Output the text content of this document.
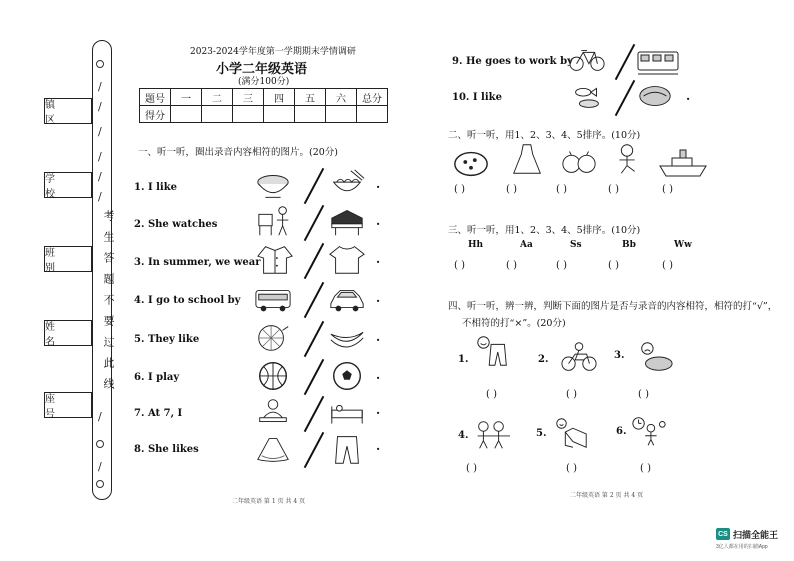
/
/
/
/
/
/
/
/
考生答题不要过此线
镇 区
学 校
班 别
姓 名
座 号
2023-2024学年度第一学期期末学情调研
小学二年级英语
(满分100分)
题号	一	二	三	四	五	六	总分
得分							
一、听一听，圈出录音内容相符的图片。(20分)
1. I like
2. She watches
3. In summer, we wear
4. I go to school by
5. They like
6. I play
7. At 7, I
8. She likes
·
·
·
·
·
·
·
·
二年级英语 第 1 页 共 4 页
9. He goes to work by
10. I like	·
二、听一听，用1、2、3、4、5排序。(10分)
( )	( )	( )	( )	( )
三、听一听，用1、2、3、4、5排序。(10分)
Hh	Aa	Ss	Bb	Ww
( )	( )	( )	( )	( )
四、听一听，辨一辨，判断下面的图片是否与录音的内容相符，相符的打“√”，
不相符的打“×”。(20分)
1.
( )
2.
( )
3.
( )
4.
( )
5.
( )
6.
( )
二年级英语 第 2 页 共 4 页
CS 扫描全能王
3亿人都在用的扫描App
